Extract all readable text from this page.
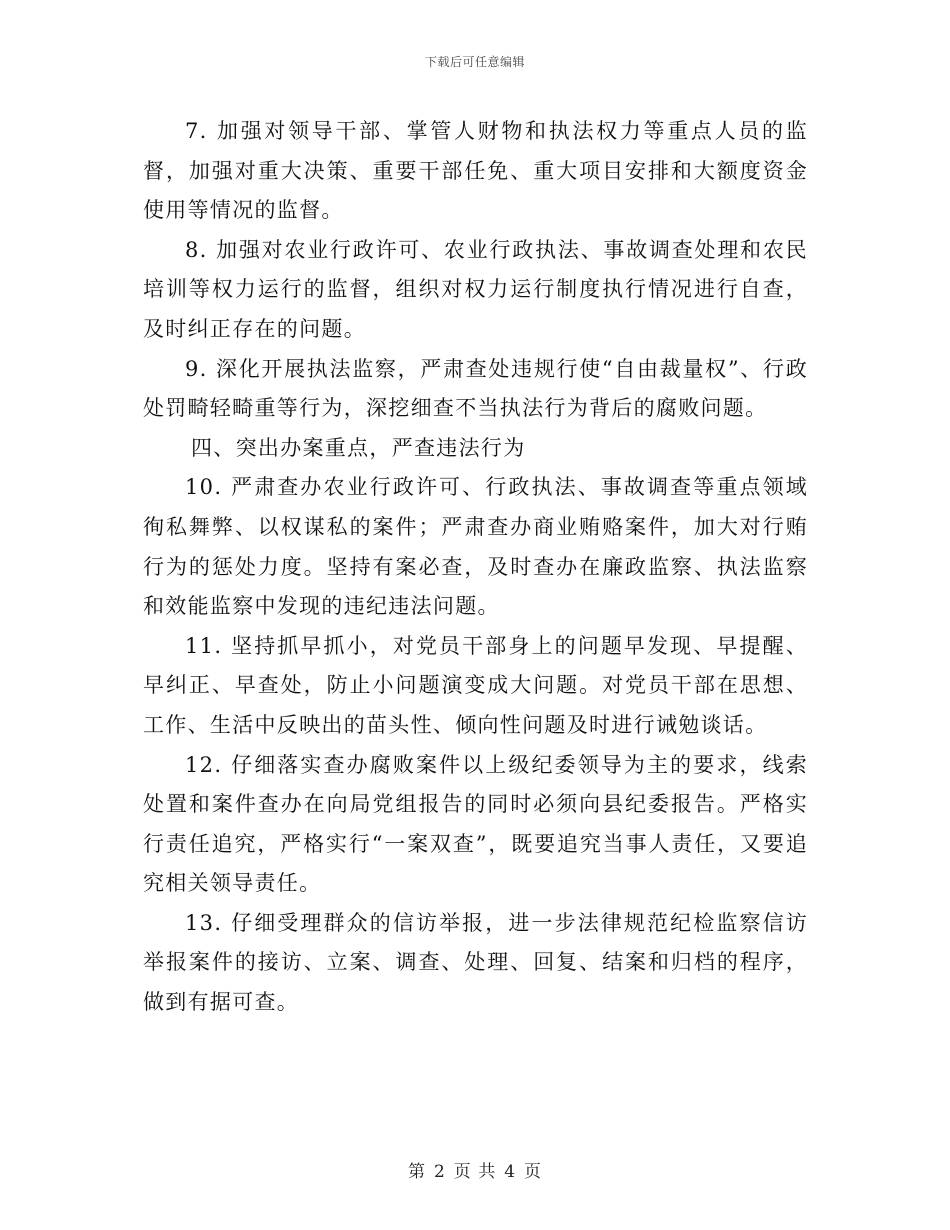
下载后可任意编辑

7. 加强对领导干部、掌管人财物和执法权力等重点人员的监督，加强对重大决策、重要干部任免、重大项目安排和大额度资金使用等情况的监督。

8. 加强对农业行政许可、农业行政执法、事故调查处理和农民培训等权力运行的监督，组织对权力运行制度执行情况进行自查，及时纠正存在的问题。

9. 深化开展执法监察，严肃查处违规行使“自由裁量权”、行政处罚畸轻畸重等行为，深挖细查不当执法行为背后的腐败问题。

四、突出办案重点，严查违法行为

10. 严肃查办农业行政许可、行政执法、事故调查等重点领域徇私舞弊、以权谋私的案件；严肃查办商业贿赂案件，加大对行贿行为的惩处力度。坚持有案必查，及时查办在廉政监察、执法监察和效能监察中发现的违纪违法问题。

11. 坚持抓早抓小，对党员干部身上的问题早发现、早提醒、早纠正、早查处，防止小问题演变成大问题。对党员干部在思想、工作、生活中反映出的苗头性、倾向性问题及时进行诫勉谈话。

12. 仔细落实查办腐败案件以上级纪委领导为主的要求，线索处置和案件查办在向局党组报告的同时必须向县纪委报告。严格实行责任追究，严格实行“一案双查”，既要追究当事人责任，又要追究相关领导责任。

13. 仔细受理群众的信访举报，进一步法律规范纪检监察信访举报案件的接访、立案、调查、处理、回复、结案和归档的程序，做到有据可查。

第 2 页 共 4 页
